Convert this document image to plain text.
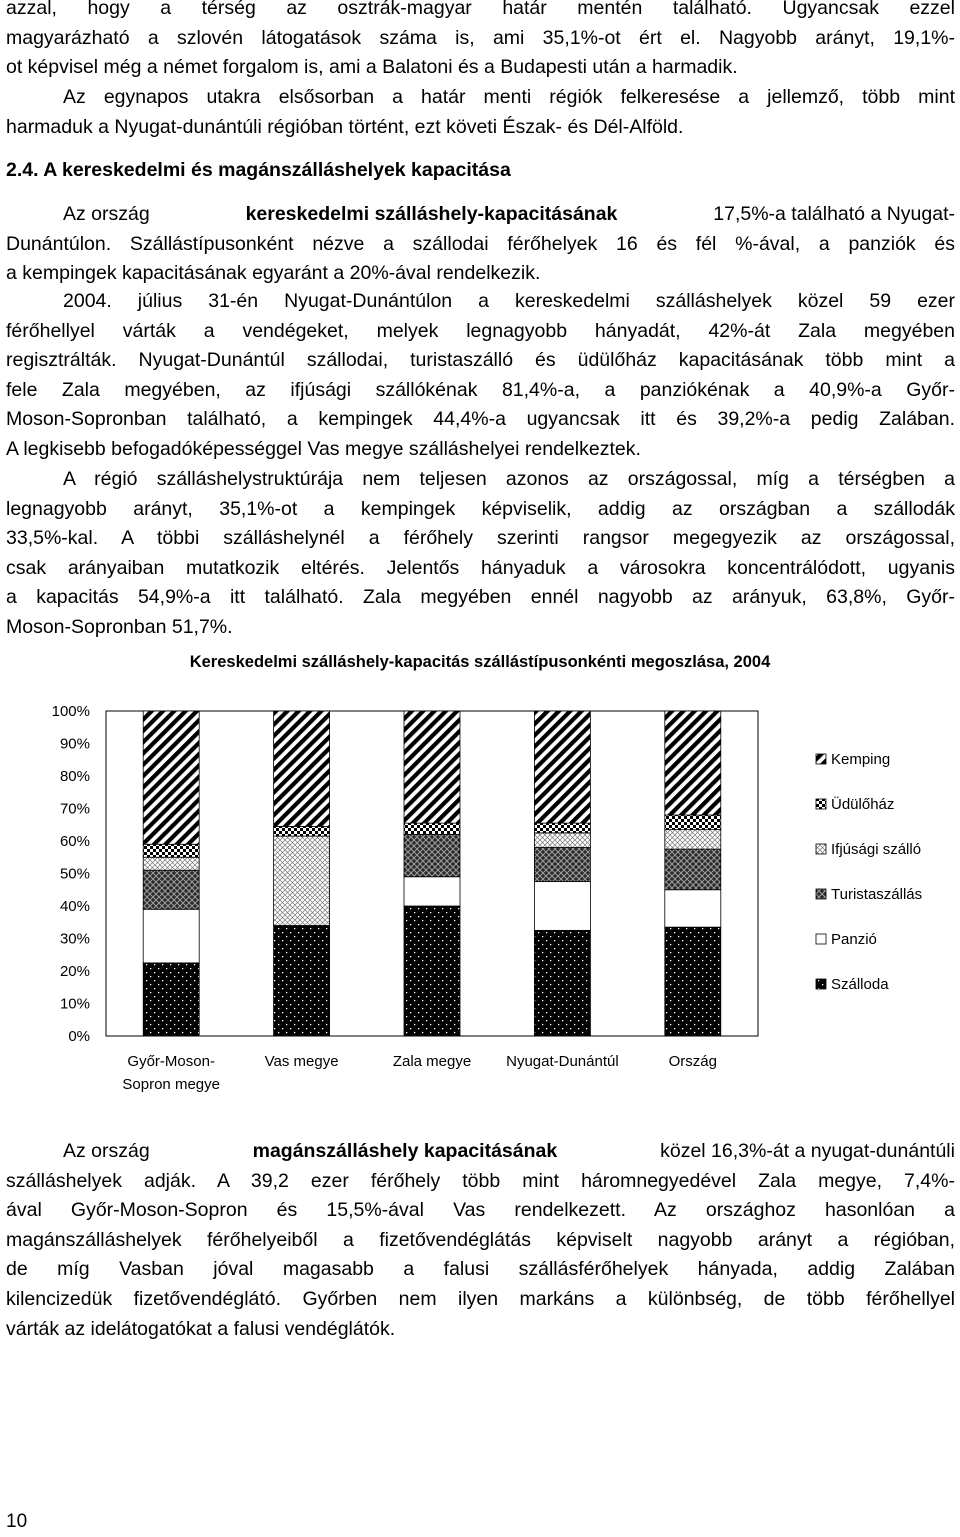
azzal, hogy a térség az osztrák-magyar határ mentén található. Ugyancsak ezzel
magyarázható a szlovén látogatások száma is, ami 35,1%-ot ért el. Nagyobb arányt, 19,1%-
ot képvisel még a német forgalom is, ami a Balatoni és a Budapesti után a harmadik.
Az egynapos utakra elsősorban a határ menti régiók felkeresése a jellemző, több mint
harmaduk a Nyugat-dunántúli régióban történt, ezt követi Észak- és Dél-Alföld.
2.4. A kereskedelmi és magánszálláshelyek kapacitása
Az ország	kereskedelmi szálláshely-kapacitásának	17,5%-a található a Nyugat-
Dunántúlon. Szállástípusonként nézve a szállodai férőhelyek 16 és fél %-ával, a panziók és
a kempingek kapacitásának egyaránt a 20%-ával rendelkezik.
2004. július 31-én Nyugat-Dunántúlon a kereskedelmi szálláshelyek közel 59 ezer
férőhellyel várták a vendégeket, melyek legnagyobb hányadát, 42%-át Zala megyében
regisztrálták. Nyugat-Dunántúl szállodai, turistaszálló és üdülőház kapacitásának több mint a
fele Zala megyében, az ifjúsági szállókénak 81,4%-a, a panziókénak a 40,9%-a Győr-
Moson-Sopronban található, a kempingek 44,4%-a ugyancsak itt és 39,2%-a pedig Zalában.
A legkisebb befogadóképességgel Vas megye szálláshelyei rendelkeztek.
A régió szálláshelystruktúrája nem teljesen azonos az országossal, míg a térségben a
legnagyobb arányt, 35,1%-ot a kempingek képviselik, addig az országban a szállodák
33,5%-kal. A többi szálláshelynél a férőhely szerinti rangsor megegyezik az országossal,
csak arányaiban mutatkozik eltérés. Jelentős hányaduk a városokra koncentrálódott, ugyanis
a kapacitás 54,9%-a itt található. Zala megyében ennél nagyobb az arányuk, 63,8%, Győr-
Moson-Sopronban 51,7%.
Kereskedelmi szálláshely-kapacitás szállástípusonkénti megoszlása, 2004
0%
10%
20%
30%
40%
50%
60%
70%
80%
90%
100%
Győr-Moson-
Sopron megye
Vas megye	Zala megye Nyugat-Dunántúl	Ország
Kemping
Üdülőház
Ifjúsági szálló
Turistaszállás
Panzió
Szálloda
Az ország	magánszálláshely kapacitásának	közel 16,3%-át a nyugat-dunántúli
szálláshelyek adják. A 39,2 ezer férőhely több mint háromnegyedével Zala megye, 7,4%-
ával Győr-Moson-Sopron és 15,5%-ával Vas rendelkezett. Az országhoz hasonlóan a
magánszálláshelyek férőhelyeiből a fizetővendéglátás képviselt nagyobb arányt a régióban,
de míg Vasban jóval magasabb a falusi szállásférőhelyek hányada, addig Zalában
kilencizedük fizetővendéglátó. Győrben nem ilyen markáns a különbség, de több férőhellyel
várták az idelátogatókat a falusi vendéglátók.
10
